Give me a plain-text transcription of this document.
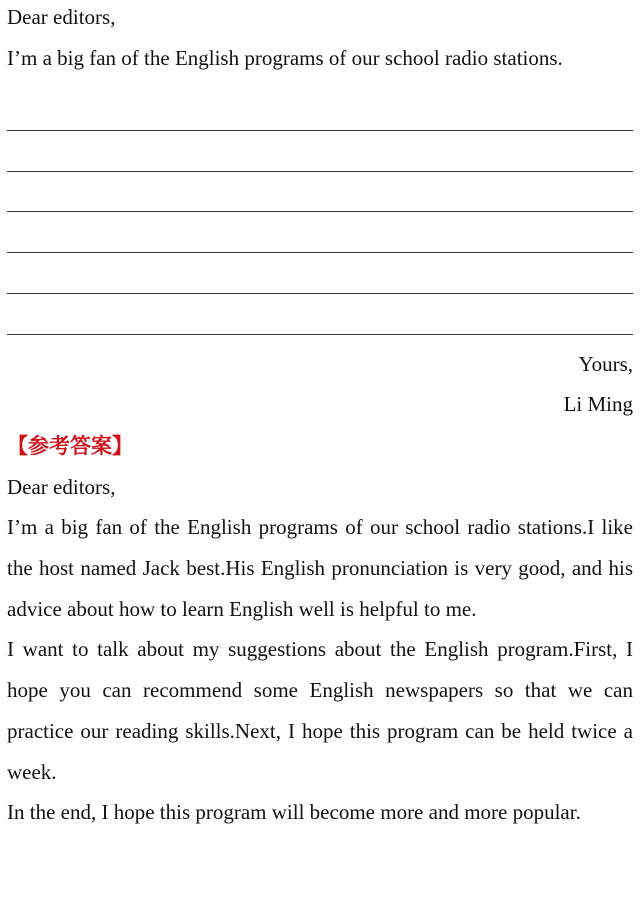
Dear editors,
I’m a big fan of the English programs of our school radio stations.
Yours,
Li Ming
【参考答案】
Dear editors,

I’m a big fan of the English programs of our school radio stations.I like the host named Jack best.His English pronunciation is very good, and his advice about how to learn English well is helpful to me.

I want to talk about my suggestions about the English program.First, I hope you can recommend some English newspapers so that we can practice our reading skills.Next, I hope this program can be held twice a week.

In the end, I hope this program will become more and more popular.
